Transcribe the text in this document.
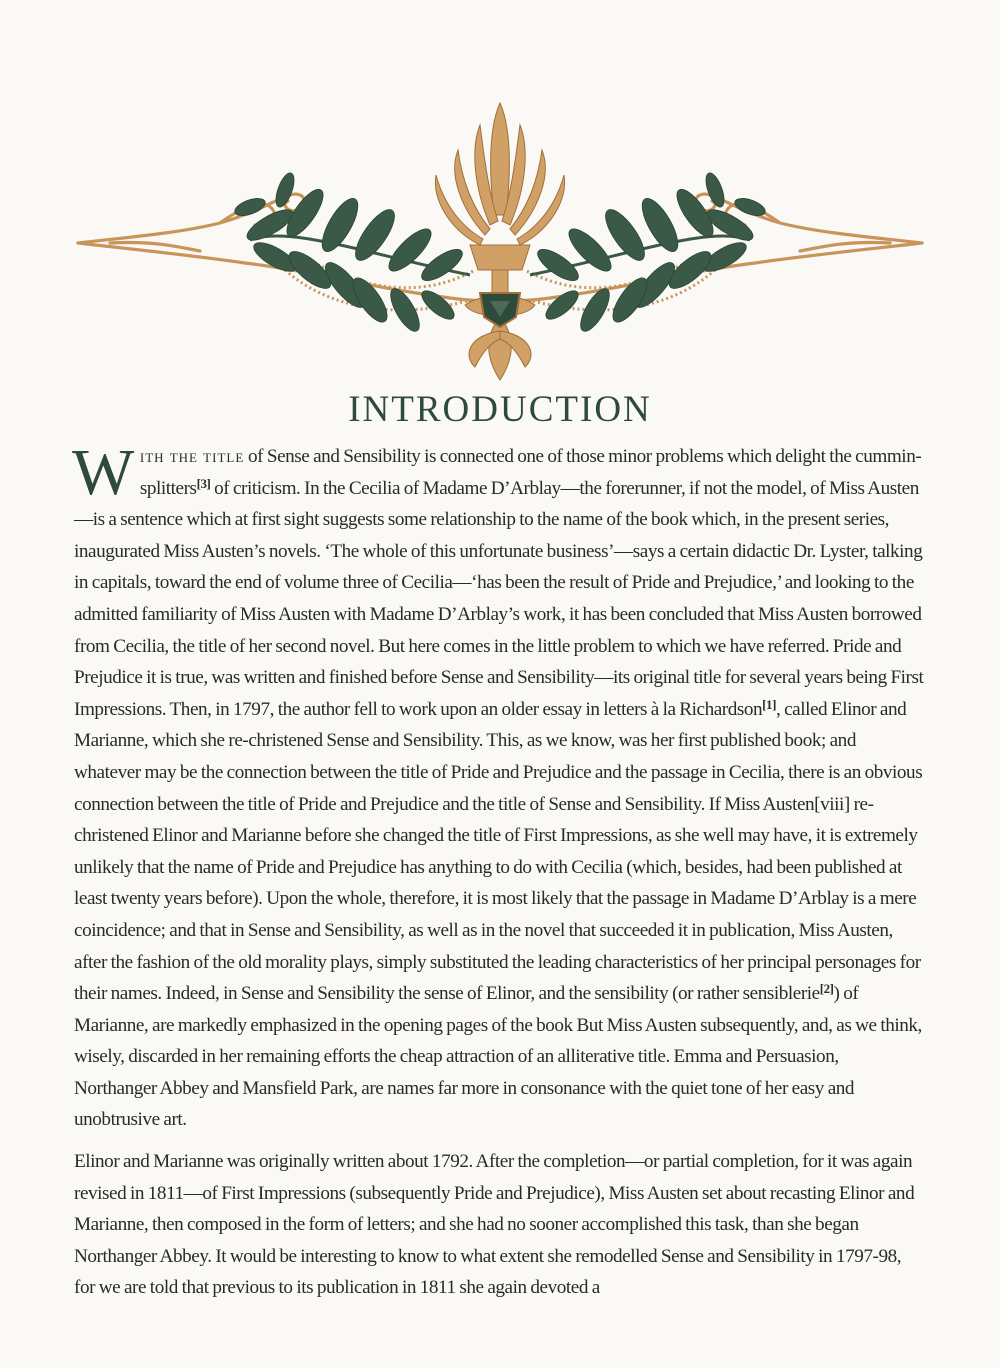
INTRODUCTION

With the title of Sense and Sensibility is connected one of those minor problems which delight the cummin-splitters[3] of criticism. In the Cecilia of Madame D’Arblay—the forerunner, if not the model, of Miss Austen—is a sentence which at first sight suggests some relationship to the name of the book which, in the present series, inaugurated Miss Austen’s novels. ‘The whole of this unfortunate business’—says a certain didactic Dr. Lyster, talking in capitals, toward the end of volume three of Cecilia—‘has been the result of Pride and Prejudice,’ and looking to the admitted familiarity of Miss Austen with Madame D’Arblay’s work, it has been concluded that Miss Austen borrowed from Cecilia, the title of her second novel. But here comes in the little problem to which we have referred. Pride and Prejudice it is true, was written and finished before Sense and Sensibility—its original title for several years being First Impressions. Then, in 1797, the author fell to work upon an older essay in letters à la Richardson[1], called Elinor and Marianne, which she re-christened Sense and Sensibility. This, as we know, was her first published book; and whatever may be the connection between the title of Pride and Prejudice and the passage in Cecilia, there is an obvious connection between the title of Pride and Prejudice and the title of Sense and Sensibility. If Miss Austen[viii] re-christened Elinor and Marianne before she changed the title of First Impressions, as she well may have, it is extremely unlikely that the name of Pride and Prejudice has anything to do with Cecilia (which, besides, had been published at least twenty years before). Upon the whole, therefore, it is most likely that the passage in Madame D’Arblay is a mere coincidence; and that in Sense and Sensibility, as well as in the novel that succeeded it in publication, Miss Austen, after the fashion of the old morality plays, simply substituted the leading characteristics of her principal personages for their names. Indeed, in Sense and Sensibility the sense of Elinor, and the sensibility (or rather sensiblerie[2]) of Marianne, are markedly emphasized in the opening pages of the book But Miss Austen subsequently, and, as we think, wisely, discarded in her remaining efforts the cheap attraction of an alliterative title. Emma and Persuasion, Northanger Abbey and Mansfield Park, are names far more in consonance with the quiet tone of her easy and unobtrusive art.

Elinor and Marianne was originally written about 1792. After the completion—or partial completion, for it was again revised in 1811—of First Impressions (subsequently Pride and Prejudice), Miss Austen set about recasting Elinor and Marianne, then composed in the form of letters; and she had no sooner accomplished this task, than she began Northanger Abbey. It would be interesting to know to what extent she remodelled Sense and Sensibility in 1797-98, for we are told that previous to its publication in 1811 she again devoted a
